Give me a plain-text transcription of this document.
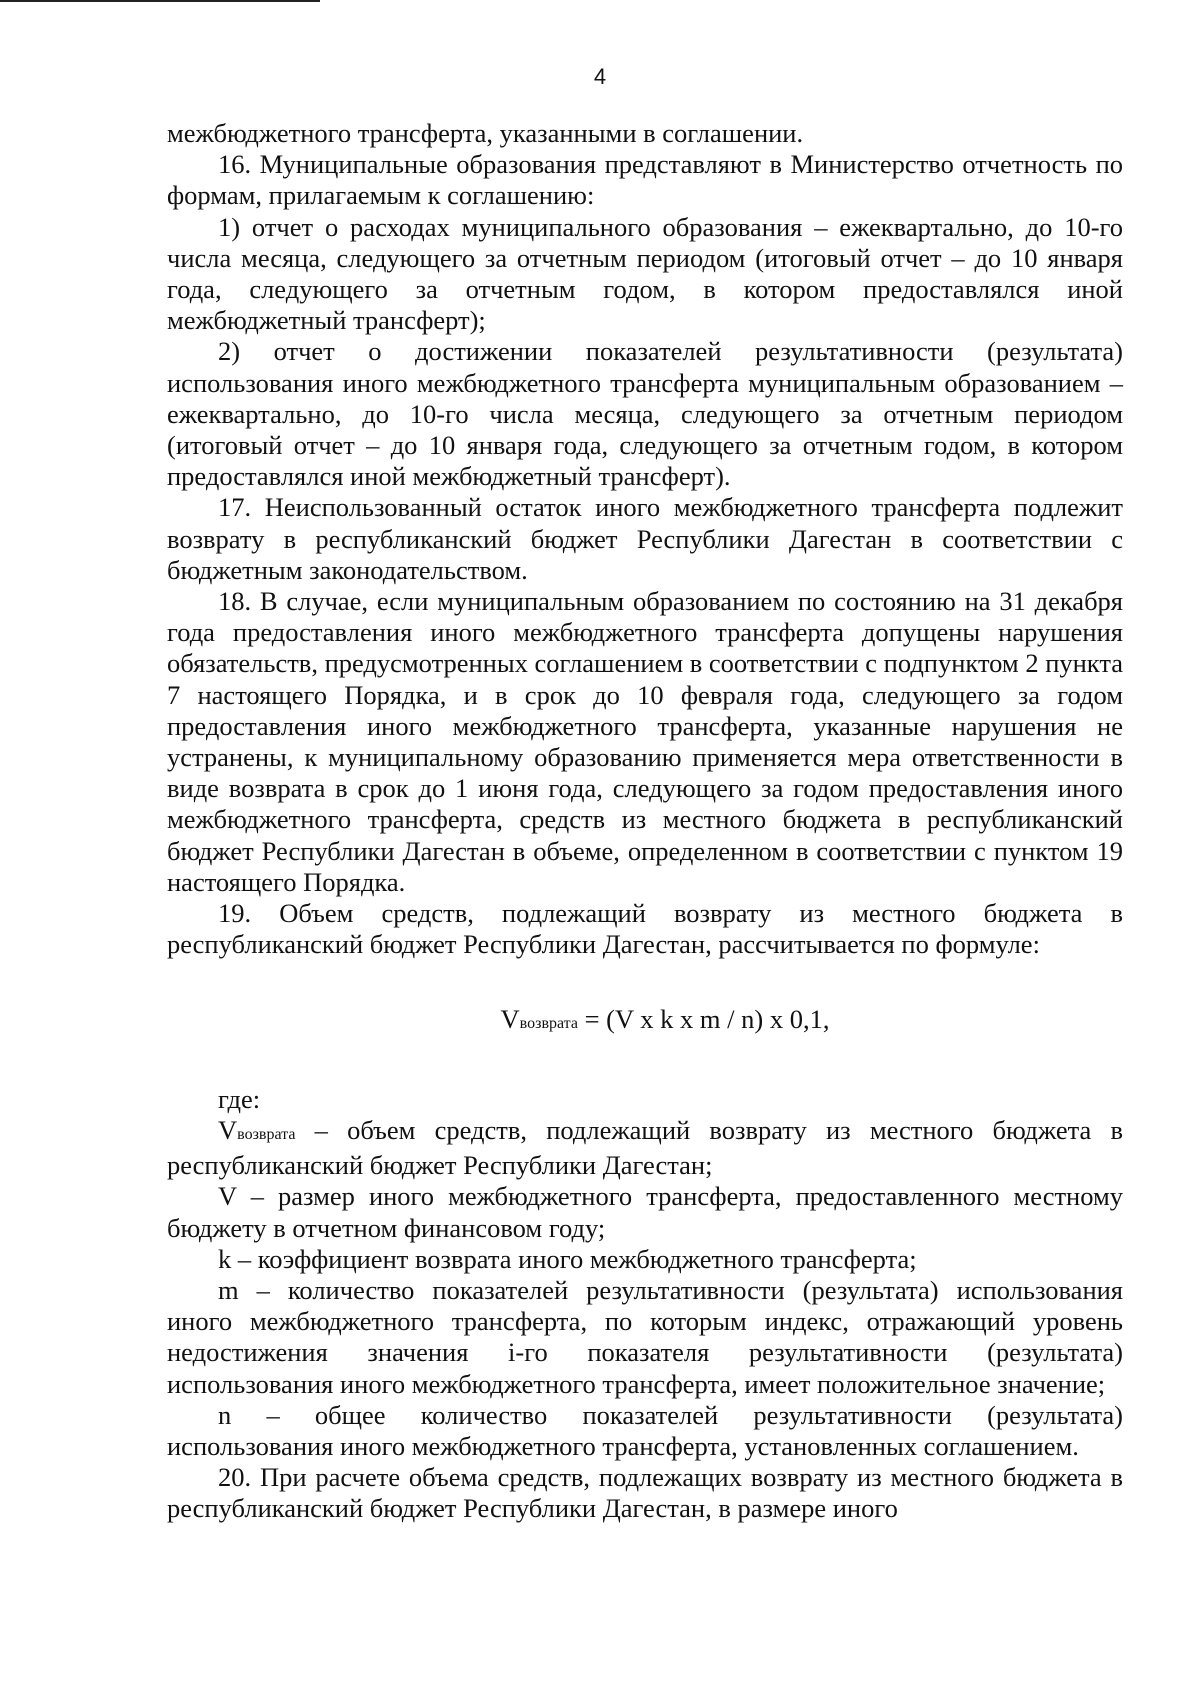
4

межбюджетного трансферта, указанными в соглашении.

16. Муниципальные образования представляют в Министерство отчетность по формам, прилагаемым к соглашению:

1) отчет о расходах муниципального образования – ежеквартально, до 10-го числа месяца, следующего за отчетным периодом (итоговый отчет – до 10 января года, следующего за отчетным годом, в котором предоставлялся иной межбюджетный трансферт);

2) отчет о достижении показателей результативности (результата) использования иного межбюджетного трансферта муниципальным образованием – ежеквартально, до 10-го числа месяца, следующего за отчетным периодом (итоговый отчет – до 10 января года, следующего за отчетным годом, в котором предоставлялся иной межбюджетный трансферт).

17. Неиспользованный остаток иного межбюджетного трансферта подлежит возврату в республиканский бюджет Республики Дагестан в соответствии с бюджетным законодательством.

18. В случае, если муниципальным образованием по состоянию на 31 декабря года предоставления иного межбюджетного трансферта допущены нарушения обязательств, предусмотренных соглашением в соответствии с подпунктом 2 пункта 7 настоящего Порядка, и в срок до 10 февраля года, следующего за годом предоставления иного межбюджетного трансферта, указанные нарушения не устранены, к муниципальному образованию применяется мера ответственности в виде возврата в срок до 1 июня года, следующего за годом предоставления иного межбюджетного трансферта, средств из местного бюджета в республиканский бюджет Республики Дагестан в объеме, определенном в соответствии с пунктом 19 настоящего Порядка.

19. Объем средств, подлежащий возврату из местного бюджета в республиканский бюджет Республики Дагестан, рассчитывается по формуле:

Vвозврата = (V x k x m / n) x 0,1,

где:

Vвозврата – объем средств, подлежащий возврату из местного бюджета в республиканский бюджет Республики Дагестан;

V – размер иного межбюджетного трансферта, предоставленного местному бюджету в отчетном финансовом году;

k – коэффициент возврата иного межбюджетного трансферта;

m – количество показателей результативности (результата) использования иного межбюджетного трансферта, по которым индекс, отражающий уровень недостижения значения i-го показателя результативности (результата) использования иного межбюджетного трансферта, имеет положительное значение;

n – общее количество показателей результативности (результата) использования иного межбюджетного трансферта, установленных соглашением.

20. При расчете объема средств, подлежащих возврату из местного бюджета в республиканский бюджет Республики Дагестан, в размере иного
